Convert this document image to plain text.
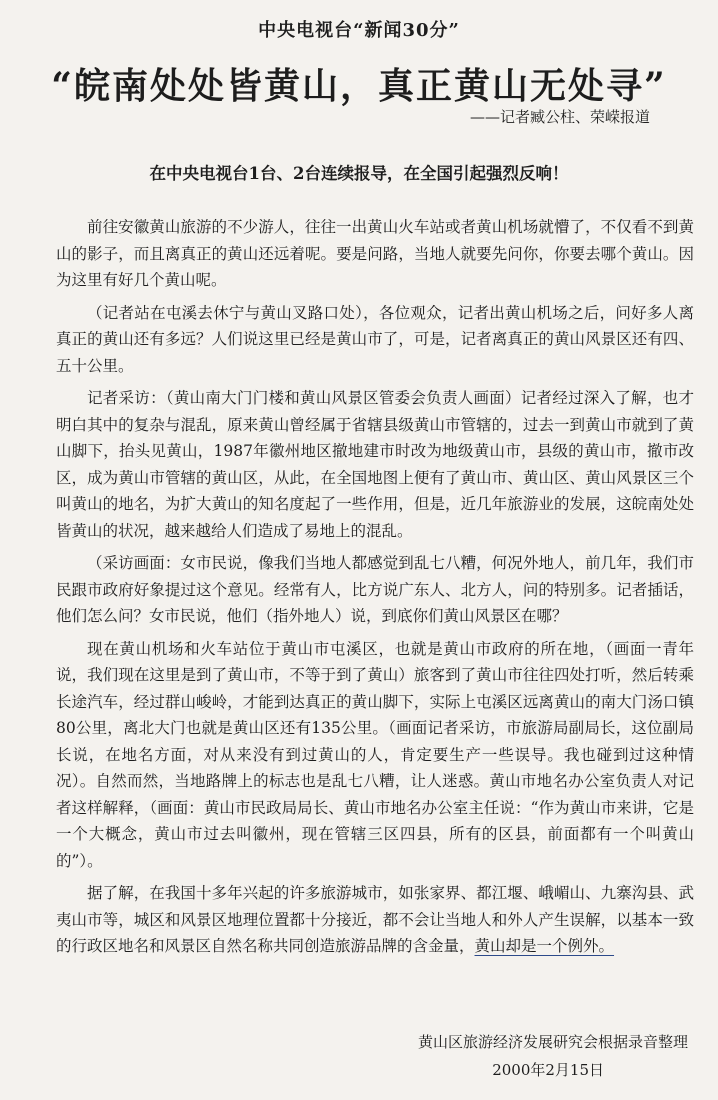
中央电视台“新闻30分”
“皖南处处皆黄山，真正黄山无处寻”
——记者臧公柱、荣嵘报道
在中央电视台1台、2台连续报导，在全国引起强烈反响！

前往安徽黄山旅游的不少游人，往往一出黄山火车站或者黄山机场就懵了，不仅看不到黄山的影子，而且离真正的黄山还远着呢。要是问路，当地人就要先问你，你要去哪个黄山。因为这里有好几个黄山呢。

（记者站在屯溪去休宁与黄山叉路口处），各位观众，记者出黄山机场之后，问好多人离真正的黄山还有多远？人们说这里已经是黄山市了，可是，记者离真正的黄山风景区还有四、五十公里。

记者采访：（黄山南大门门楼和黄山风景区管委会负责人画面）记者经过深入了解，也才明白其中的复杂与混乱，原来黄山曾经属于省辖县级黄山市管辖的，过去一到黄山市就到了黄山脚下，抬头见黄山，1987年徽州地区撤地建市时改为地级黄山市，县级的黄山市，撤市改区，成为黄山市管辖的黄山区，从此，在全国地图上便有了黄山市、黄山区、黄山风景区三个叫黄山的地名，为扩大黄山的知名度起了一些作用，但是，近几年旅游业的发展，这皖南处处皆黄山的状况，越来越给人们造成了易地上的混乱。

（采访画面：女市民说，像我们当地人都感觉到乱七八糟，何况外地人，前几年，我们市民跟市政府好象提过这个意见。经常有人，比方说广东人、北方人，问的特别多。记者插话，他们怎么问？女市民说，他们（指外地人）说，到底你们黄山风景区在哪？

现在黄山机场和火车站位于黄山市屯溪区，也就是黄山市政府的所在地，（画面一青年说，我们现在这里是到了黄山市，不等于到了黄山）旅客到了黄山市往往四处打听，然后转乘长途汽车，经过群山峻岭，才能到达真正的黄山脚下，实际上屯溪区远离黄山的南大门汤口镇80公里，离北大门也就是黄山区还有135公里。（画面记者采访，市旅游局副局长，这位副局长说，在地名方面，对从来没有到过黄山的人，肯定要生产一些误导。我也碰到过这种情况）。自然而然，当地路牌上的标志也是乱七八糟，让人迷惑。黄山市地名办公室负责人对记者这样解释，（画面：黄山市民政局局长、黄山市地名办公室主任说：“作为黄山市来讲，它是一个大概念，黄山市过去叫徽州，现在管辖三区四县，所有的区县，前面都有一个叫黄山的”）。

据了解，在我国十多年兴起的许多旅游城市，如张家界、都江堰、峨嵋山、九寨沟县、武夷山市等，城区和风景区地理位置都十分接近，都不会让当地人和外人产生误解，以基本一致的行政区地名和风景区自然名称共同创造旅游品牌的含金量，黄山却是一个例外。

黄山区旅游经济发展研究会根据录音整理
2000年2月15日
